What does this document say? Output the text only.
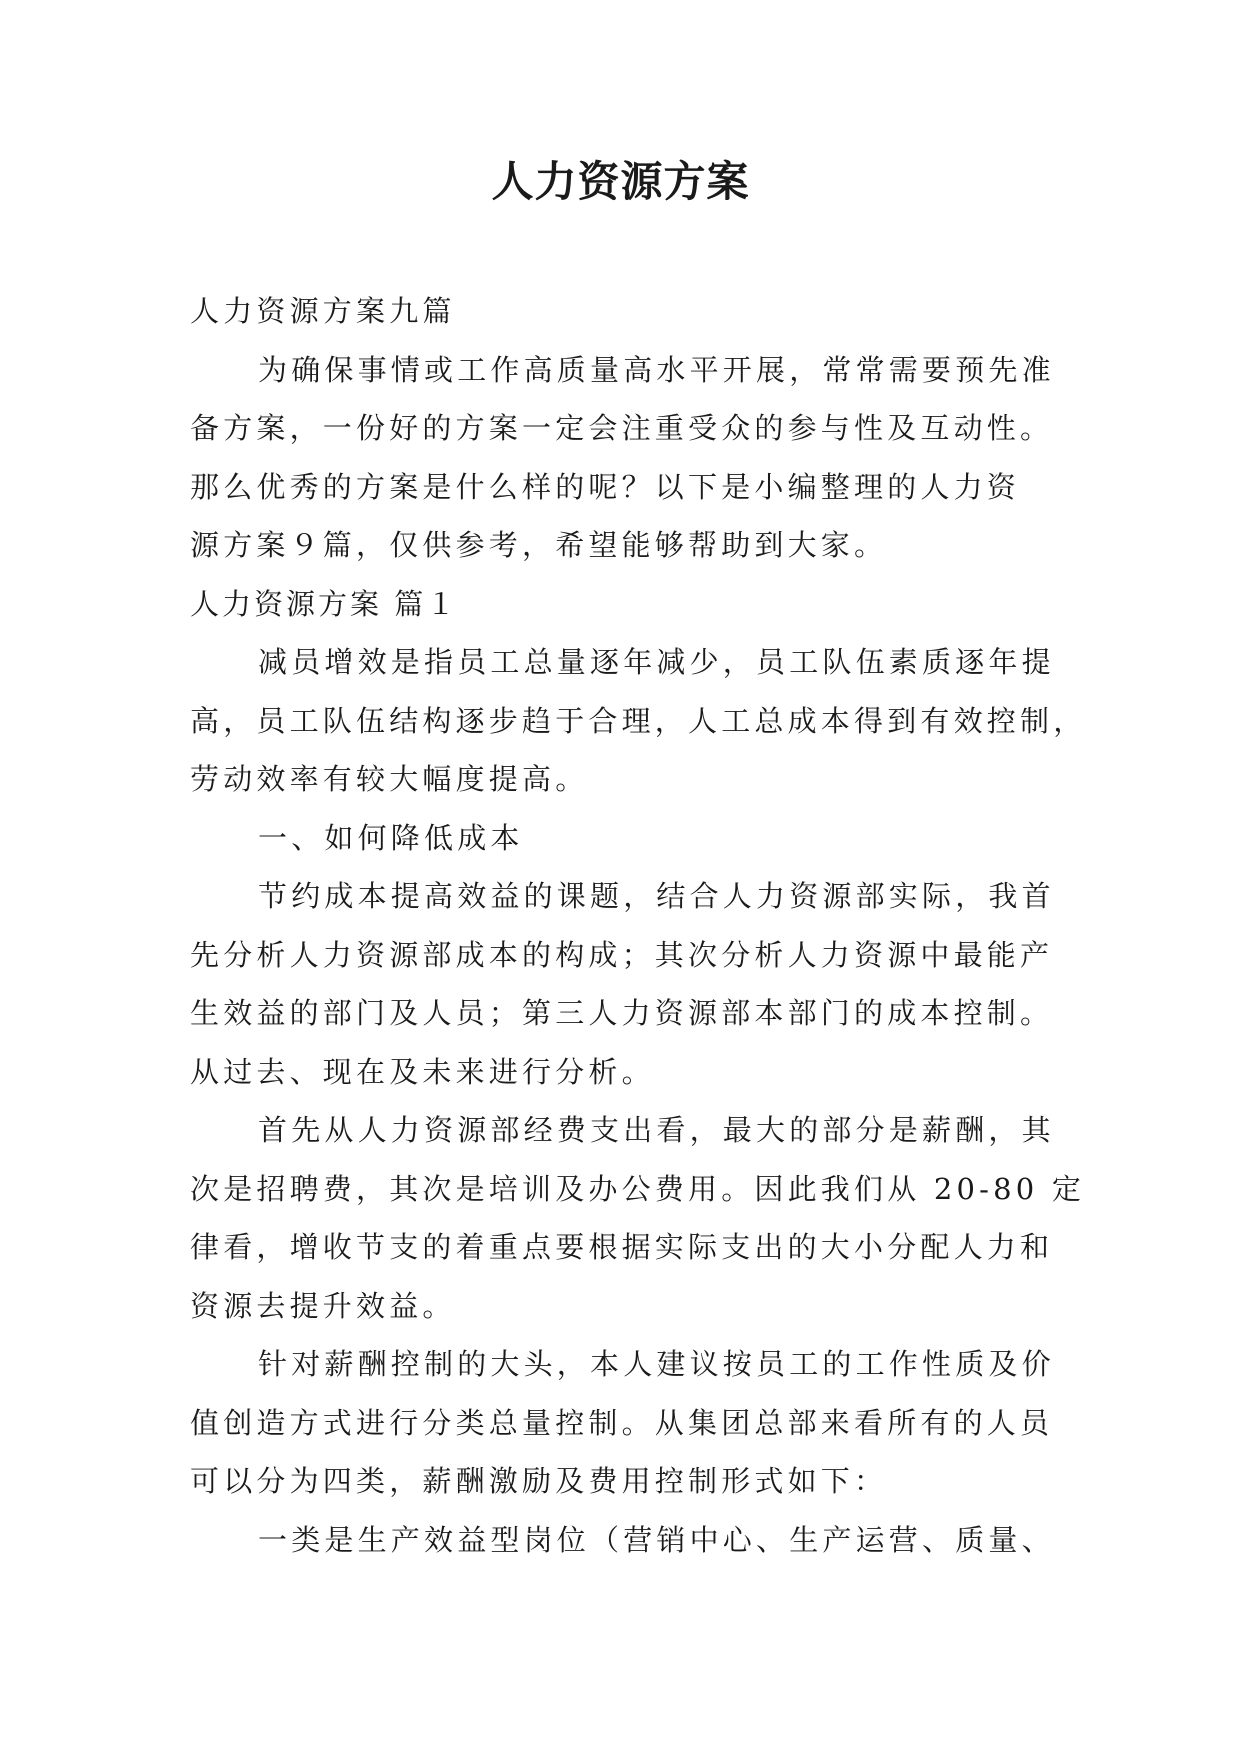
人力资源方案

人力资源方案九篇

为确保事情或工作高质量高水平开展，常常需要预先准

备方案，一份好的方案一定会注重受众的参与性及互动性。

那么优秀的方案是什么样的呢？以下是小编整理的人力资

源方案９篇，仅供参考，希望能够帮助到大家。

人力资源方案 篇１

减员增效是指员工总量逐年减少，员工队伍素质逐年提

高，员工队伍结构逐步趋于合理，人工总成本得到有效控制，

劳动效率有较大幅度提高。

一、如何降低成本

节约成本提高效益的课题，结合人力资源部实际，我首

先分析人力资源部成本的构成；其次分析人力资源中最能产

生效益的部门及人员；第三人力资源部本部门的成本控制。

从过去、现在及未来进行分析。

首先从人力资源部经费支出看，最大的部分是薪酬，其

次是招聘费，其次是培训及办公费用。因此我们从 20-80 定

律看，增收节支的着重点要根据实际支出的大小分配人力和

资源去提升效益。

针对薪酬控制的大头，本人建议按员工的工作性质及价

值创造方式进行分类总量控制。从集团总部来看所有的人员

可以分为四类，薪酬激励及费用控制形式如下：

一类是生产效益型岗位（营销中心、生产运营、质量、
